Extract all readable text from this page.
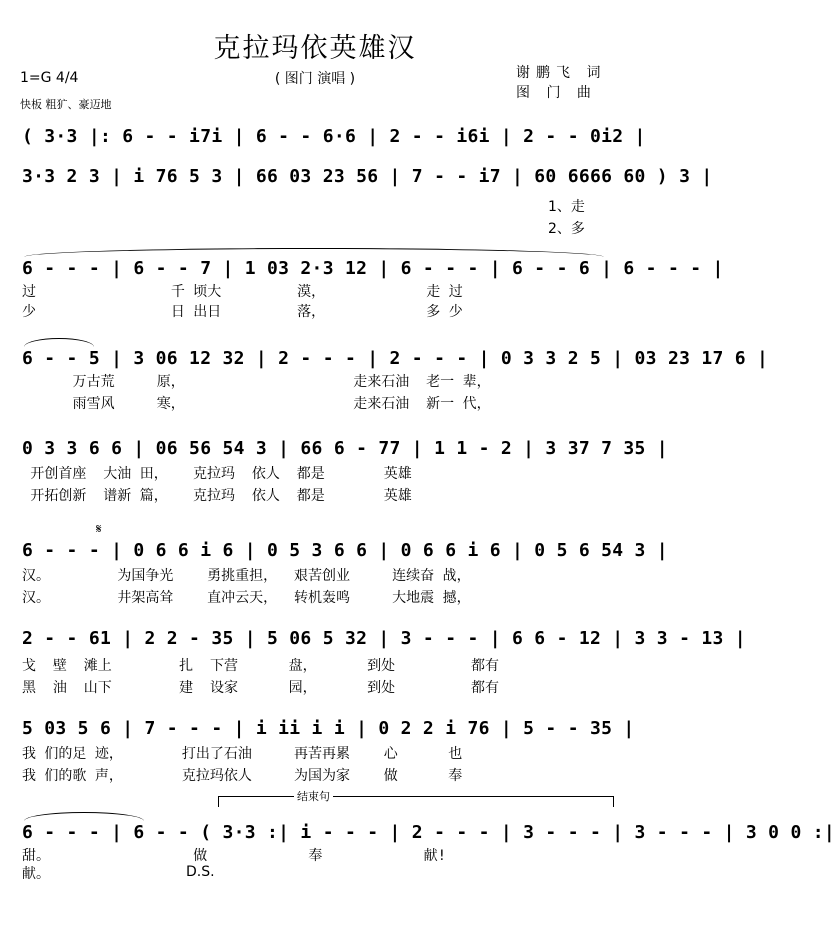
克拉玛依英雄汉
( 图门 演唱 )
1=G 4/4
快板 粗犷、豪迈地
谢鹏飞 词
图 门 曲
( 3·3 |: 6 - - i7i | 6 - - 6·6 | 2 - - i6i | 2 - - 0i2 |
3·3 2 3 | i 76 5 3 | 66 03 23 56 | 7 - - i7 | 60 6666 60 ) 3 |
1、走
2、多
6 - - - | 6 - - 7 | 1 03 2·3 12 | 6 - - - | 6 - - 6 | 6 - - - |
过                千 顷大         漠，            走 过
少                日 出日         落，            多 少
6 - - 5 | 3 06 12 32 | 2 - - - | 2 - - - | 0 3 3 2 5 | 03 23 17 6 |
万古荒     原，                    走来石油  老一 辈，
雨雪风     寒，                    走来石油  新一 代，
0 3 3 6 6 | 06 56 54 3 | 66 6 - 77 | 1 1 - 2 | 3 37 7 35 |
开创首座  大油 田，   克拉玛  依人  都是       英雄
开拓创新  谱新 篇，   克拉玛  依人  都是       英雄
𝄋
6 - - - | 0 6 6 i 6 | 0 5 3 6 6 | 0 6 6 i 6 | 0 5 6 54 3 |
汉。        为国争光    勇挑重担，  艰苦创业     连续奋 战，
汉。        井架高耸    直冲云天，  转机轰鸣     大地震 撼，
2 - - 61 | 2 2 - 35 | 5 06 5 32 | 3 - - - | 6 6 - 12 | 3 3 - 13 |
戈  壁  滩上        扎  下营      盘，      到处         都有
黑  油  山下        建  设家      园，      到处         都有
5 03 5 6 | 7 - - - | i ii i i | 0 2 2 i 76 | 5 - - 35 |
我 们的足 迹，       打出了石油     再苦再累    心      也
我 们的歌 声，       克拉玛依人     为国为家    做      奉
结束句
6 - - - | 6 - - ( 3·3 :| i - - - | 2 - - - | 3 - - - | 3 - - - | 3 0 0 :|
甜。                 做            奉            献!
献。	D.S.
